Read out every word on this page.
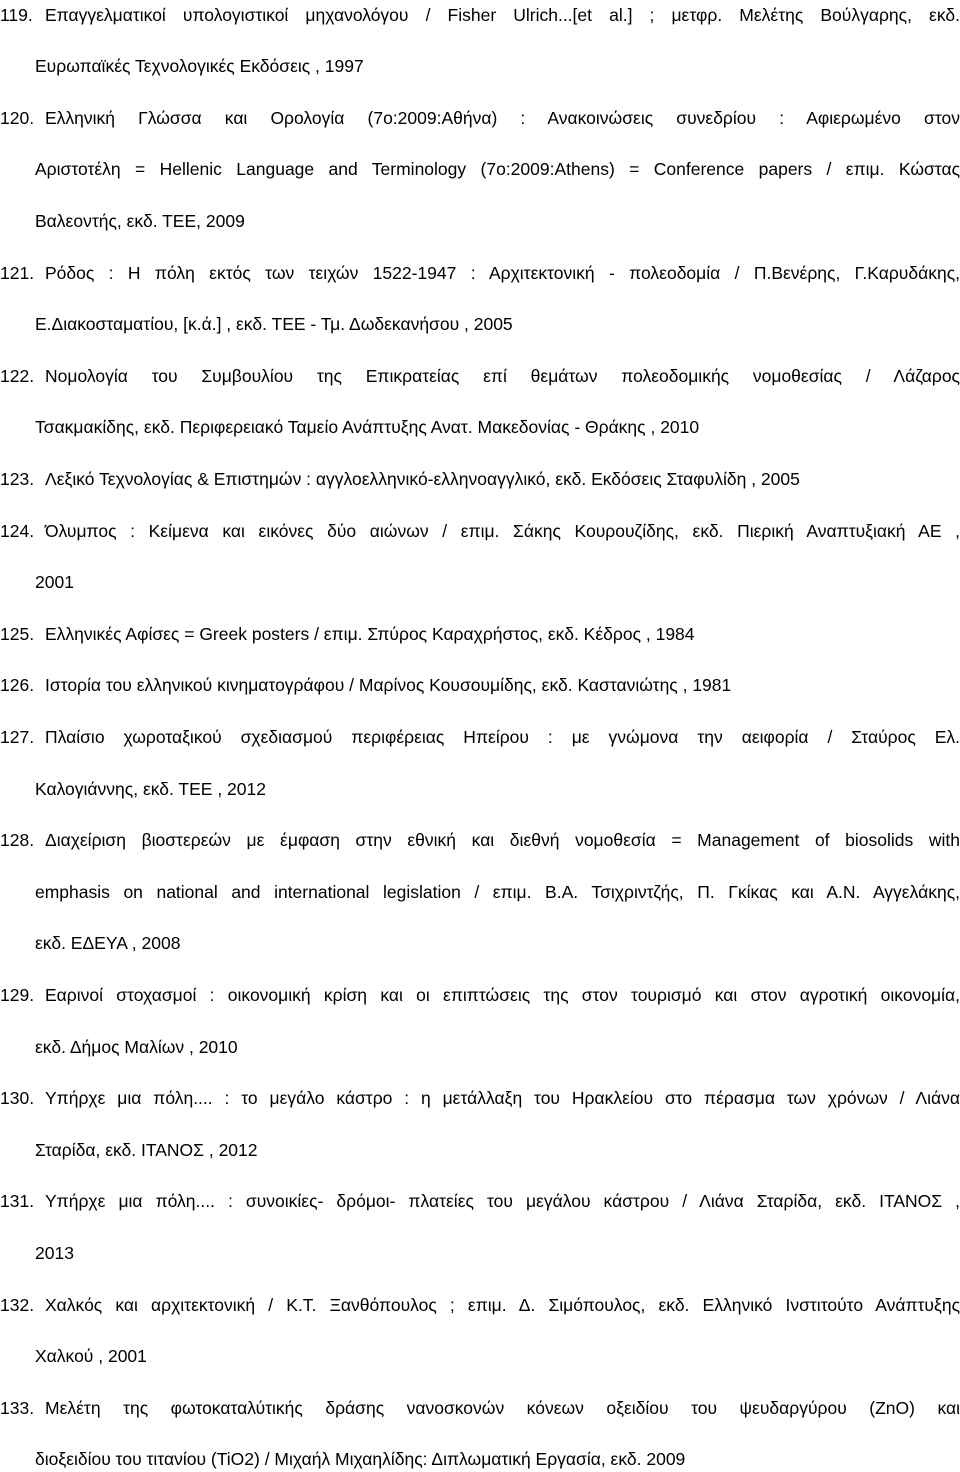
119. Επαγγελματικοί υπολογιστικοί μηχανολόγου / Fisher Ulrich...[et al.] ; μετφρ. Μελέτης Βούλγαρης, εκδ.
Ευρωπαϊκές Τεχνολογικές Εκδόσεις , 1997
120. Ελληνική Γλώσσα και Ορολογία (7ο:2009:Αθήνα) : Ανακοινώσεις συνεδρίου : Αφιερωμένο στον
Αριστοτέλη = Hellenic Language and Terminology (7ο:2009:Athens) = Conference papers / επιμ. Κώστας
Βαλεοντής, εκδ. ΤΕΕ, 2009
121. Ρόδος : Η πόλη εκτός των τειχών 1522-1947 : Αρχιτεκτονική - πολεοδομία / Π.Βενέρης, Γ.Καρυδάκης,
Ε.Διακοσταματίου, [κ.ά.] , εκδ. ΤΕΕ - Τμ. Δωδεκανήσου , 2005
122. Νομολογία του Συμβουλίου της Επικρατείας επί θεμάτων πολεοδομικής νομοθεσίας / Λάζαρος
Τσακμακίδης, εκδ. Περιφερειακό Ταμείο Ανάπτυξης Ανατ. Μακεδονίας - Θράκης , 2010
123. Λεξικό Τεχνολογίας & Επιστημών : αγγλοελληνικό-ελληνοαγγλικό, εκδ. Εκδόσεις Σταφυλίδη , 2005
124. Όλυμπος : Κείμενα και εικόνες δύο αιώνων / επιμ. Σάκης Κουρουζίδης, εκδ. Πιερική Αναπτυξιακή ΑΕ ,
2001
125. Ελληνικές Αφίσες = Greek posters / επιμ. Σπύρος Καραχρήστος, εκδ. Κέδρος , 1984
126. Ιστορία του ελληνικού κινηματογράφου / Μαρίνος Κουσουμίδης, εκδ. Καστανιώτης , 1981
127. Πλαίσιο χωροταξικού σχεδιασμού περιφέρειας Ηπείρου : με γνώμονα την αειφορία / Σταύρος Ελ.
Καλογιάννης, εκδ. ΤΕΕ , 2012
128. Διαχείριση βιοστερεών με έμφαση στην εθνική και διεθνή νομοθεσία = Management of biosolids with
emphasis on national and international legislation / επιμ. Β.Α. Τσιχριντζής, Π. Γκίκας και Α.Ν. Αγγελάκης,
εκδ. ΕΔΕΥΑ , 2008
129. Εαρινοί στοχασμοί : οικονομική κρίση και οι επιπτώσεις της στον τουρισμό και στον αγροτική οικονομία,
εκδ. Δήμος Μαλίων , 2010
130. Υπήρχε μια πόλη.... : το μεγάλο κάστρο : η μετάλλαξη του Ηρακλείου στο πέρασμα των χρόνων / Λιάνα
Σταρίδα, εκδ. ΙΤΑΝΟΣ , 2012
131. Υπήρχε μια πόλη.... : συνοικίες- δρόμοι- πλατείες του μεγάλου κάστρου / Λιάνα Σταρίδα, εκδ. ΙΤΑΝΟΣ ,
2013
132. Χαλκός και αρχιτεκτονική / Κ.Τ. Ξανθόπουλος ; επιμ. Δ. Σιμόπουλος, εκδ. Ελληνικό Ινστιτούτο Ανάπτυξης
Χαλκού , 2001
133. Μελέτη της φωτοκαταλύτικής δράσης νανοσκονών κόνεων οξειδίου του ψευδαργύρου (ZnO) και
διοξειδίου του τιτανίου (TiO2) / Μιχαήλ Μιχαηλίδης: Διπλωματική Εργασία, εκδ. 2009
